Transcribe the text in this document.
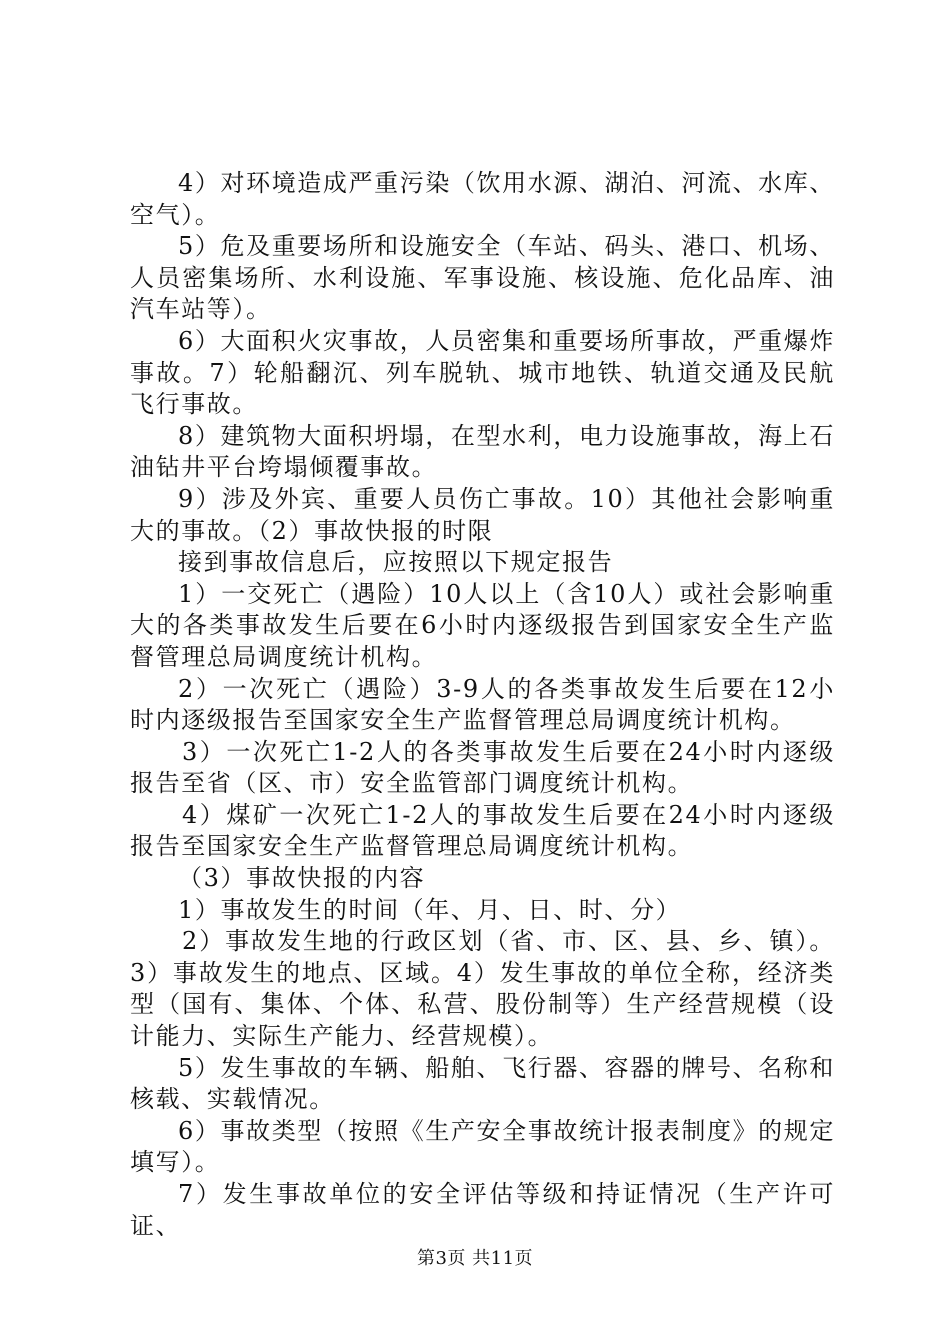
4）对环境造成严重污染（饮用水源、湖泊、河流、水库、空气）。

5）危及重要场所和设施安全（车站、码头、港口、机场、人员密集场所、水利设施、军事设施、核设施、危化品库、油汽车站等）。

6）大面积火灾事故，人员密集和重要场所事故，严重爆炸事故。7）轮船翻沉、列车脱轨、城市地铁、轨道交通及民航飞行事故。

8）建筑物大面积坍塌，在型水利，电力设施事故，海上石油钻井平台垮塌倾覆事故。

9）涉及外宾、重要人员伤亡事故。10）其他社会影响重大的事故。（2）事故快报的时限

接到事故信息后，应按照以下规定报告

1）一交死亡（遇险）10人以上（含10人）或社会影响重大的各类事故发生后要在6小时内逐级报告到国家安全生产监督管理总局调度统计机构。

2）一次死亡（遇险）3-9人的各类事故发生后要在12小时内逐级报告至国家安全生产监督管理总局调度统计机构。

3）一次死亡1-2人的各类事故发生后要在24小时内逐级报告至省（区、市）安全监管部门调度统计机构。

4）煤矿一次死亡1-2人的事故发生后要在24小时内逐级报告至国家安全生产监督管理总局调度统计机构。

（3）事故快报的内容

1）事故发生的时间（年、月、日、时、分）

2）事故发生地的行政区划（省、市、区、县、乡、镇）。3）事故发生的地点、区域。4）发生事故的单位全称，经济类型（国有、集体、个体、私营、股份制等）生产经营规模（设计能力、实际生产能力、经营规模）。

5）发生事故的车辆、船舶、飞行器、容器的牌号、名称和核载、实载情况。

6）事故类型（按照《生产安全事故统计报表制度》的规定填写）。

7）发生事故单位的安全评估等级和持证情况（生产许可证、

第3页 共11页
